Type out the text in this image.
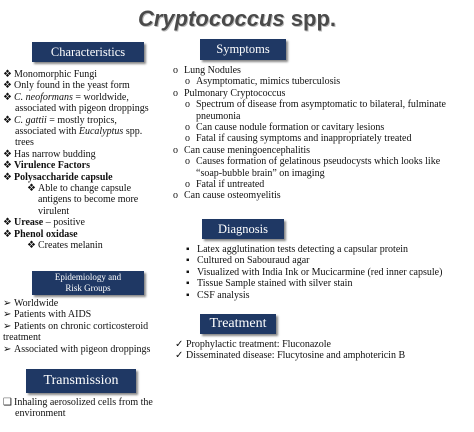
Cryptococcus spp.
Characteristics
❖ Monomorphic Fungi
❖ Only found in the yeast form
❖ C. neoformans = worldwide,
associated with pigeon droppings
❖ C. gattii = mostly tropics,
associated with Eucalyptus spp.
trees
❖ Has narrow budding
❖ Virulence Factors
❖ Polysaccharide capsule
❖ Able to change capsule
antigens to become more
virulent
❖ Urease – positive
❖ Phenol oxidase
❖ Creates melanin
Epidemiology and
Risk Groups
➢ Worldwide
➢ Patients with AIDS
➢ Patients on chronic corticosteroid
treatment
➢ Associated with pigeon droppings
Transmission
❑ Inhaling aerosolized cells from the
environment
Symptoms
o Lung Nodules
o Asymptomatic, mimics tuberculosis
o Pulmonary Cryptococcus
o Spectrum of disease from asymptomatic to bilateral, fulminate
pneumonia
o Can cause nodule formation or cavitary lesions
o Fatal if causing symptoms and inappropriately treated
o Can cause meningoencephalitis
o Causes formation of gelatinous pseudocysts which looks like
“soap-bubble brain” on imaging
o Fatal if untreated
o Can cause osteomyelitis
Diagnosis
▪ Latex agglutination tests detecting a capsular protein
▪ Cultured on Sabouraud agar
▪ Visualized with India Ink or Mucicarmine (red inner capsule)
▪ Tissue Sample stained with silver stain
▪ CSF analysis
Treatment
✓ Prophylactic treatment: Fluconazole
✓ Disseminated disease: Flucytosine and amphotericin B
